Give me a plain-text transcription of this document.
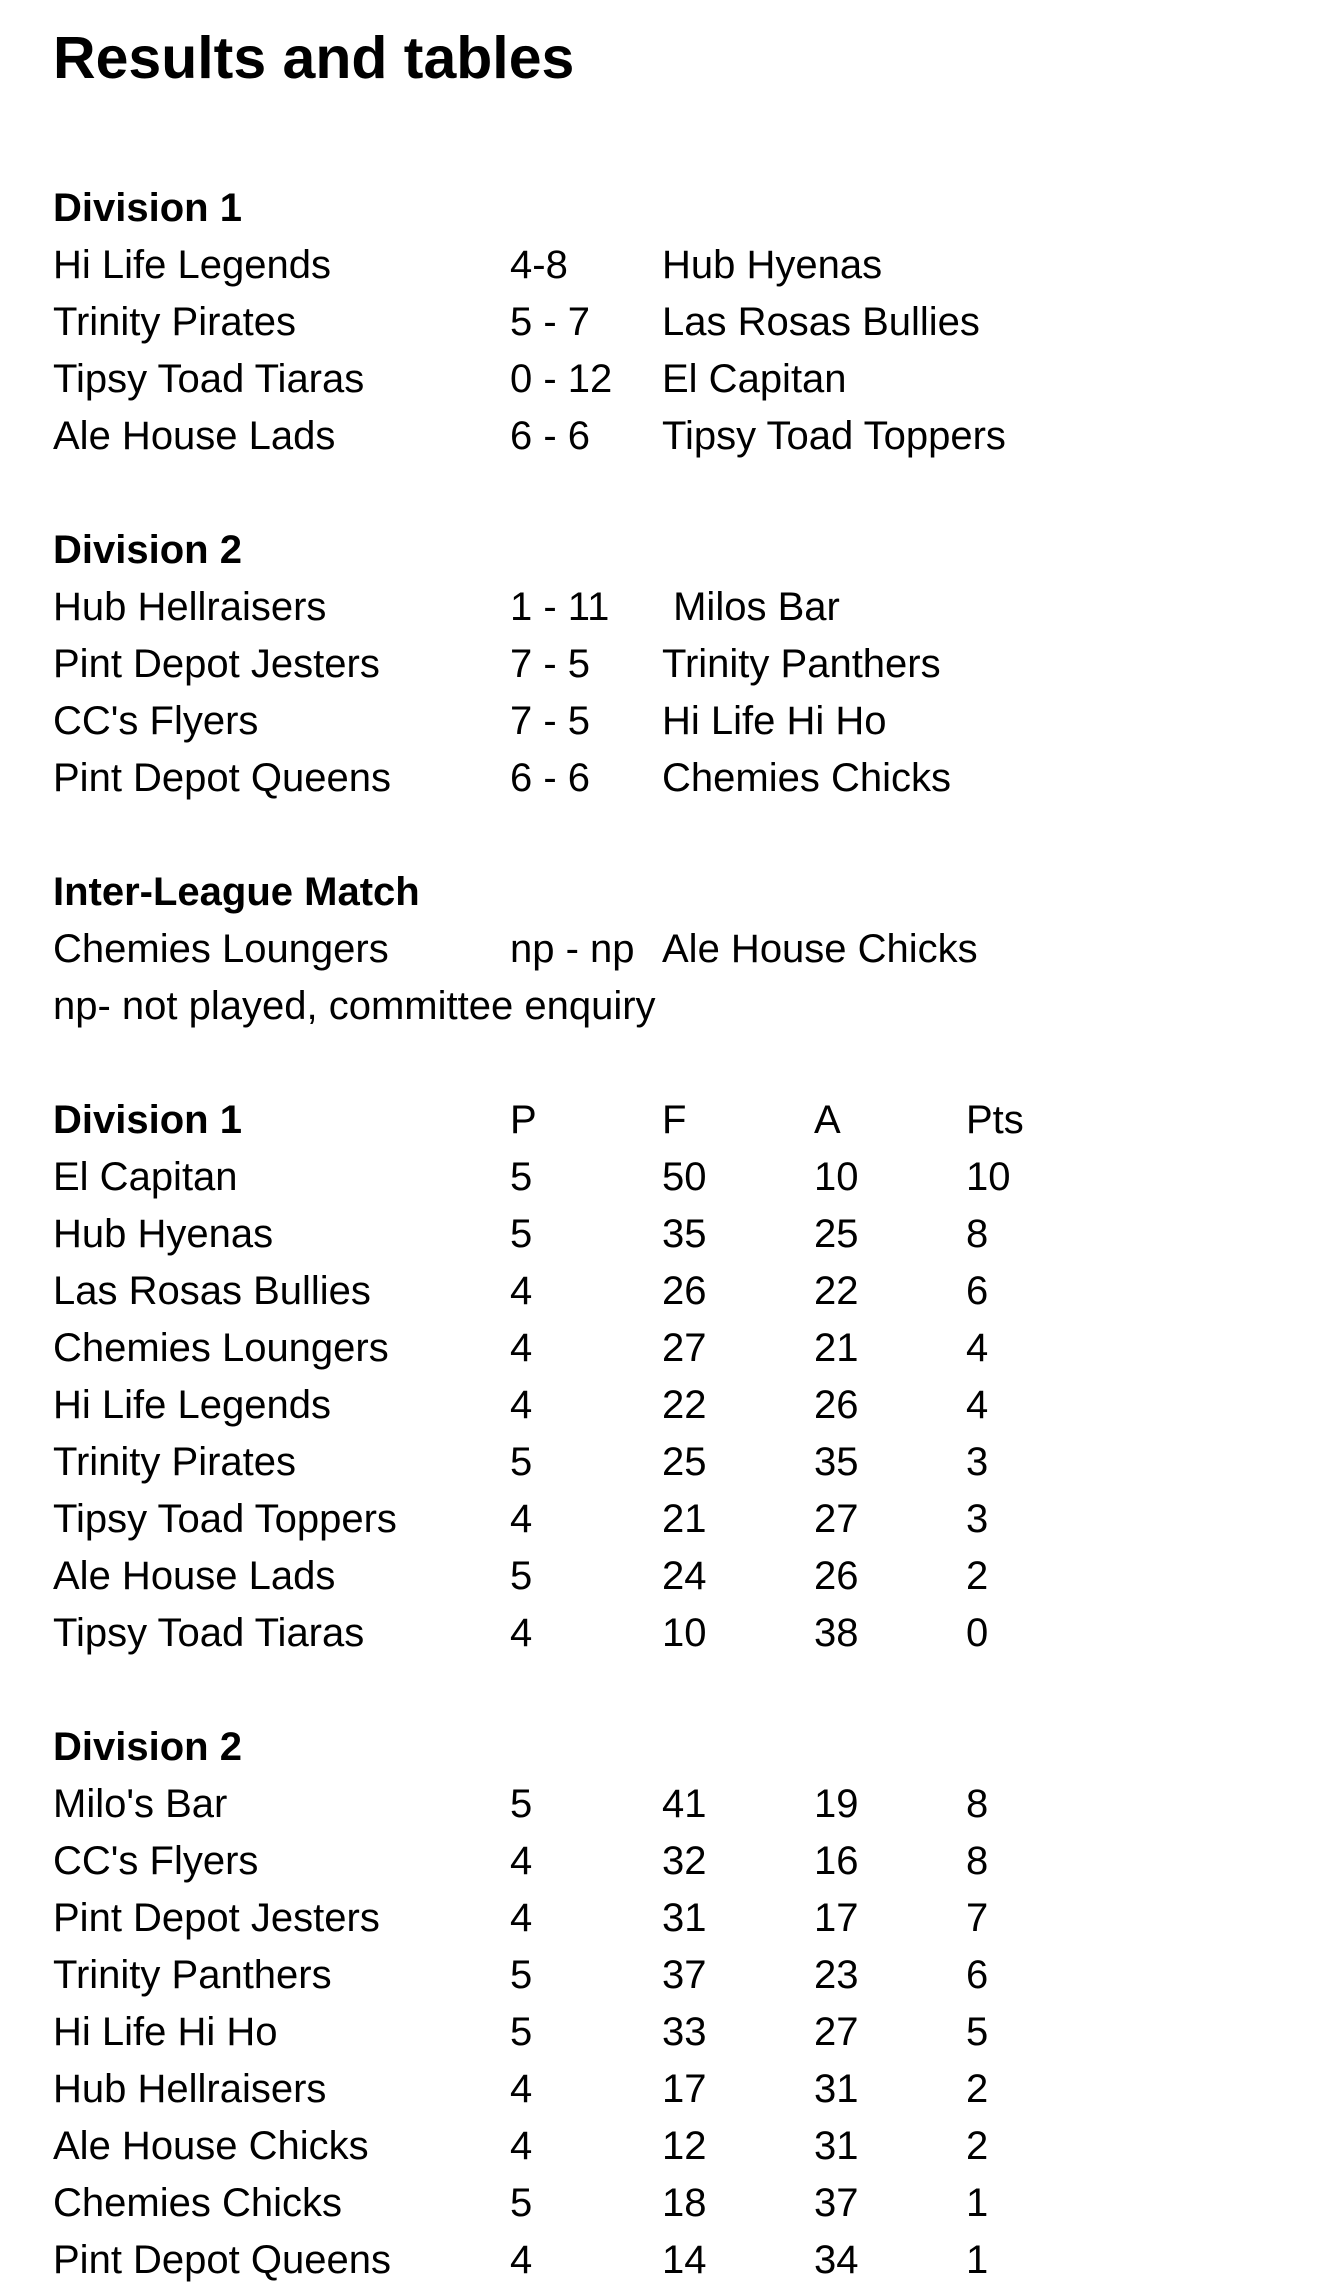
Results and tables
Division 1
Hi Life Legends	4-8 Hub Hyenas
Trinity Pirates	5 - 7 Las Rosas Bullies
Tipsy Toad Tiaras	0 - 12 El Capitan
Ale House Lads	6 - 6 Tipsy Toad Toppers
Division 2
Hub Hellraisers	1 - 11 Milos Bar
Pint Depot Jesters	7 - 5 Trinity Panthers
CC's Flyers	7 - 5 Hi Life Hi Ho
Pint Depot Queens	6 - 6 Chemies Chicks
Inter-League Match
Chemies Loungers	np - np Ale House Chicks
np- not played, committee enquiry
Division 1	P	F	A	Pts
El Capitan	5	50	10	10
Hub Hyenas	5	35	25	8
Las Rosas Bullies	4	26	22	6
Chemies Loungers	4	27	21	4
Hi Life Legends	4	22	26	4
Trinity Pirates	5	25	35	3
Tipsy Toad Toppers	4	21	27	3
Ale House Lads	5	24	26	2
Tipsy Toad Tiaras	4	10	38	0
Division 2
Milo's Bar	5	41	19	8
CC's Flyers	4	32	16	8
Pint Depot Jesters	4	31	17	7
Trinity Panthers	5	37	23	6
Hi Life Hi Ho	5	33	27	5
Hub Hellraisers	4	17	31	2
Ale House Chicks	4	12	31	2
Chemies Chicks	5	18	37	1
Pint Depot Queens	4	14	34	1
